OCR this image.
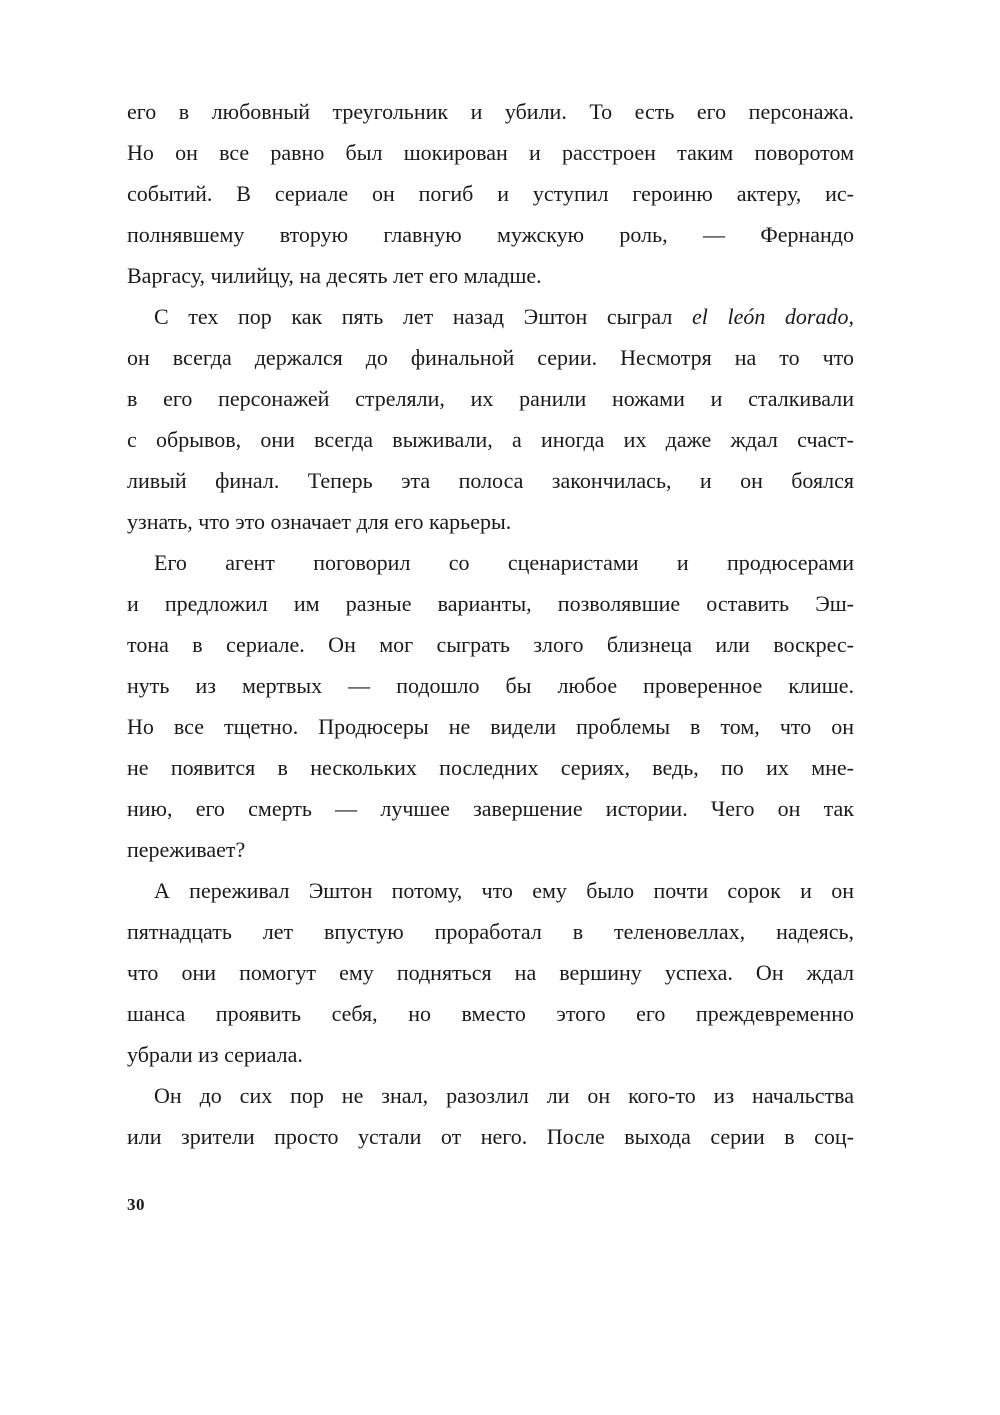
его в любовный треугольник и убили. То есть его персонажа.
Но он все равно был шокирован и расстроен таким поворотом
событий. В сериале он погиб и уступил героиню актеру, ис-
полнявшему вторую главную мужскую роль, — Фернандо
Варгасу, чилийцу, на десять лет его младше.
С тех пор как пять лет назад Эштон сыграл el león dorado,
он всегда держался до финальной серии. Несмотря на то что
в его персонажей стреляли, их ранили ножами и сталкивали
с обрывов, они всегда выживали, а иногда их даже ждал счаст-
ливый финал. Теперь эта полоса закончилась, и он боялся
узнать, что это означает для его карьеры.
Его агент поговорил со сценаристами и продюсерами
и предложил им разные варианты, позволявшие оставить Эш-
тона в сериале. Он мог сыграть злого близнеца или воскрес-
нуть из мертвых — подошло бы любое проверенное клише.
Но все тщетно. Продюсеры не видели проблемы в том, что он
не появится в нескольких последних сериях, ведь, по их мне-
нию, его смерть — лучшее завершение истории. Чего он так
переживает?
А переживал Эштон потому, что ему было почти сорок и он
пятнадцать лет впустую проработал в теленовеллах, надеясь,
что они помогут ему подняться на вершину успеха. Он ждал
шанса проявить себя, но вместо этого его преждевременно
убрали из сериала.
Он до сих пор не знал, разозлил ли он кого-то из начальства
или зрители просто устали от него. После выхода серии в соц-
30
